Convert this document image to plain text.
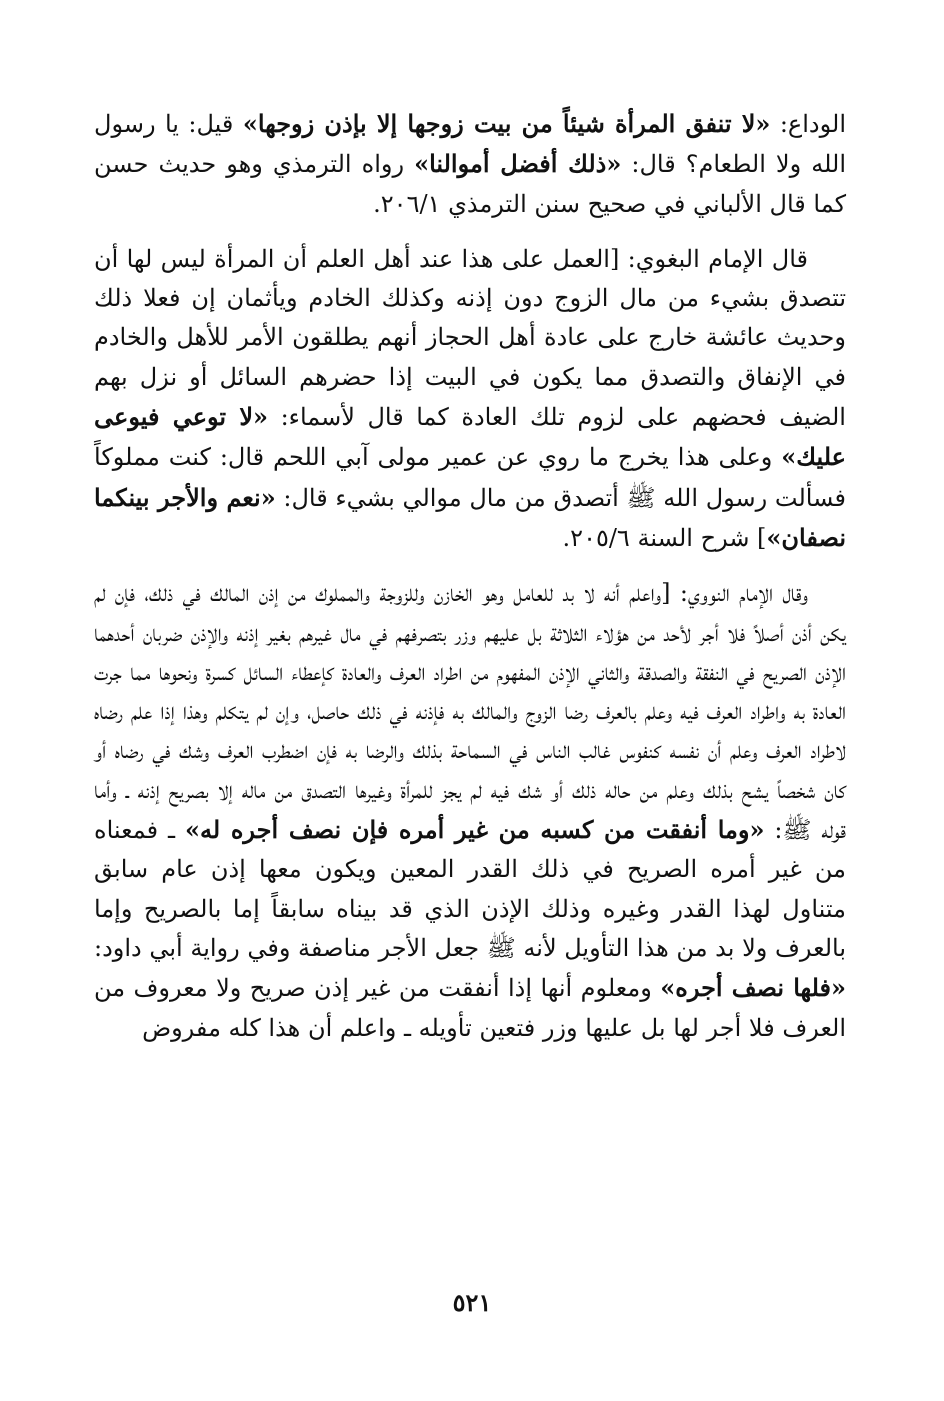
الوداع: «لا تنفق المرأة شيئاً من بيت زوجها إلا بإذن زوجها» قيل: يا رسول الله ولا الطعام؟ قال: «ذلك أفضل أموالنا» رواه الترمذي وهو حديث حسن كما قال الألباني في صحيح سنن الترمذي ٢٠٦/١.

قال الإمام البغوي: [العمل على هذا عند أهل العلم أن المرأة ليس لها أن تتصدق بشيء من مال الزوج دون إذنه وكذلك الخادم ويأثمان إن فعلا ذلك وحديث عائشة خارج على عادة أهل الحجاز أنهم يطلقون الأمر للأهل والخادم في الإنفاق والتصدق مما يكون في البيت إذا حضرهم السائل أو نزل بهم الضيف فحضهم على لزوم تلك العادة كما قال لأسماء: «لا توعي فيوعى عليك» وعلى هذا يخرج ما روي عن عمير مولى آبي اللحم قال: كنت مملوكاً فسألت رسول الله ﷺ أتصدق من مال موالي بشيء قال: «نعم والأجر بينكما نصفان»] شرح السنة ٢٠٥/٦.

وقال الإمام النووي: [واعلم أنه لا بد للعامل وهو الخازن وللزوجة والمملوك من إذن المالك في ذلك، فإن لم يكن أذن أصلاً فلا أجر لأحد من هؤلاء الثلاثة بل عليهم وزر بتصرفهم في مال غيرهم بغير إذنه والإذن ضربان أحدهما الإذن الصريح في النفقة والصدقة والثاني الإذن المفهوم من اطراد العرف والعادة كإعطاء السائل كسرة ونحوها مما جرت العادة به واطراد العرف فيه وعلم بالعرف رضا الزوج والمالك به فإذنه في ذلك حاصل، وإن لم يتكلم وهذا إذا علم رضاه لاطراد العرف وعلم أن نفسه كنفوس غالب الناس في السماحة بذلك والرضا به فإن اضطرب العرف وشك في رضاه أو كان شخصاً يشح بذلك وعلم من حاله ذلك أو شك فيه لم يجز للمرأة وغيرها التصدق من ماله إلا بصريح إذنه ـ وأما قوله ﷺ: «وما أنفقت من كسبه من غير أمره فإن نصف أجره له» ـ فمعناه من غير أمره الصريح في ذلك القدر المعين ويكون معها إذن عام سابق متناول لهذا القدر وغيره وذلك الإذن الذي قد بيناه سابقاً إما بالصريح وإما بالعرف ولا بد من هذا التأويل لأنه ﷺ جعل الأجر مناصفة وفي رواية أبي داود: «فلها نصف أجره» ومعلوم أنها إذا أنفقت من غير إذن صريح ولا معروف من العرف فلا أجر لها بل عليها وزر فتعين تأويله ـ واعلم أن هذا كله مفروض

٥٢١
